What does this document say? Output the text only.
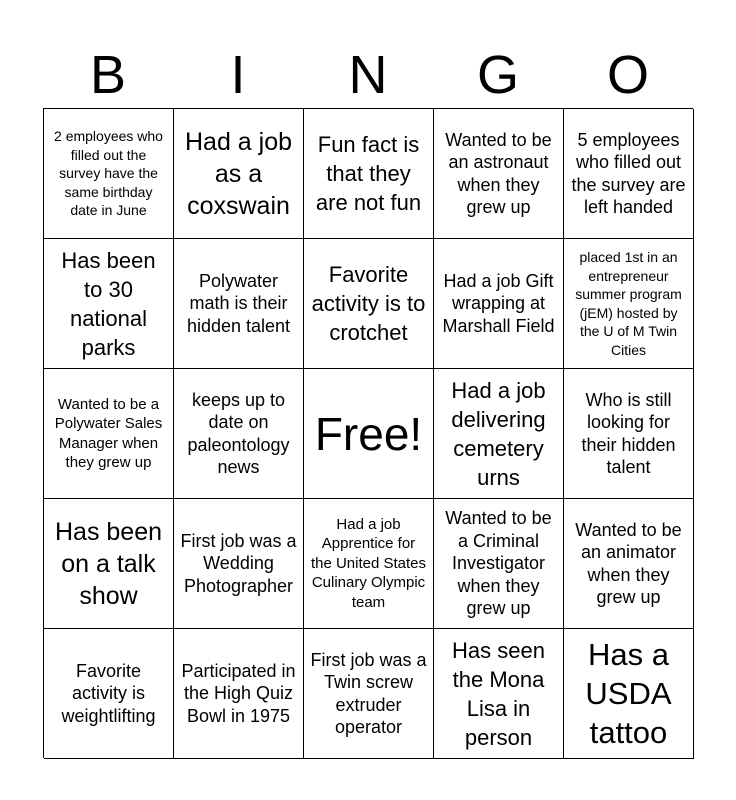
B	I	N	G	O
2 employees who filled out the survey have the same birthday date in June
Had a job as a coxswain
Fun fact is that they are not fun
Wanted to be an astronaut when they grew up
5 employees who filled out the survey are left handed
Has been to 30 national parks
Polywater math is their hidden talent
Favorite activity is to crotchet
Had a job Gift wrapping at Marshall Field
placed 1st in an entrepreneur summer program (jEM) hosted by the U of M Twin Cities
Wanted to be a Polywater Sales Manager when they grew up
keeps up to date on paleontology news
Free!
Had a job delivering cemetery urns
Who is still looking for their hidden talent
Has been on a talk show
First job was a Wedding Photographer
Had a job Apprentice for the United States Culinary Olympic team
Wanted to be a Criminal Investigator when they grew up
Wanted to be an animator when they grew up
Favorite activity is weightlifting
Participated in the High Quiz Bowl in 1975
First job was a Twin screw extruder operator
Has seen the Mona Lisa in person
Has a USDA tattoo
